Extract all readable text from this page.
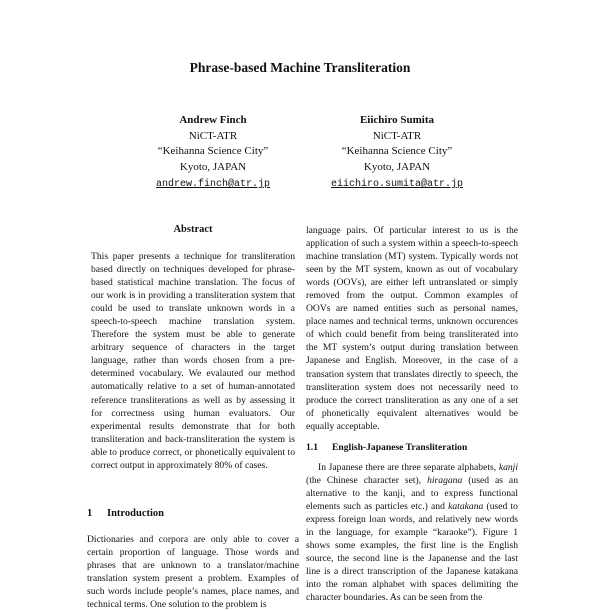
Phrase-based Machine Transliteration
Andrew Finch
NiCT-ATR
“Keihanna Science City”
Kyoto, JAPAN
andrew.finch@atr.jp
Eiichiro Sumita
NiCT-ATR
“Keihanna Science City”
Kyoto, JAPAN
eiichiro.sumita@atr.jp
Abstract

This paper presents a technique for transliteration based directly on techniques developed for phrase-based statistical machine translation. The focus of our work is in providing a transliteration system that could be used to translate unknown words in a speech-to-speech machine translation system. Therefore the system must be able to generate arbitrary sequence of characters in the target language, rather than words chosen from a pre-determined vocabulary. We evalauted our method automatically relative to a set of human-annotated reference transliterations as well as by assessing it for correctness using human evaluators. Our experimental results demonstrate that for both transliteration and back-transliteration the system is able to produce correct, or phonetically equivalent to correct output in approximately 80% of cases.

1 Introduction

Dictionaries and corpora are only able to cover a certain proportion of language. Those words and phrases that are unknown to a translator/machine translation system present a problem. Examples of such words include people’s names, place names, and technical terms. One solution to the problem is

language pairs. Of particular interest to us is the application of such a system within a speech-to-speech machine translation (MT) system. Typically words not seen by the MT system, known as out of vocabulary words (OOVs), are either left untranslated or simply removed from the output. Common examples of OOVs are named entities such as personal names, place names and technical terms, unknown occurences of which could benefit from being transliterated into the MT system’s output during translation between Japanese and English. Moreover, in the case of a transation system that translates directly to speech, the transliteration system does not necessarily need to produce the correct transliteration as any one of a set of phonetically equivalent alternatives would be equally acceptable.

1.1 English-Japanese Transliteration

In Japanese there are three separate alphabets, kanji (the Chinese character set), hiragana (used as an alternative to the kanji, and to express functional elements such as particles etc.) and katakana (used to express foreign loan words, and relatively new words in the language, for example “karaoke”). Figure 1 shows some examples, the first line is the English source, the second line is the Japanense and the last line is a direct transcription of the Japanese katakana into the roman alphabet with spaces delimiting the character boundaries. As can be seen from the
